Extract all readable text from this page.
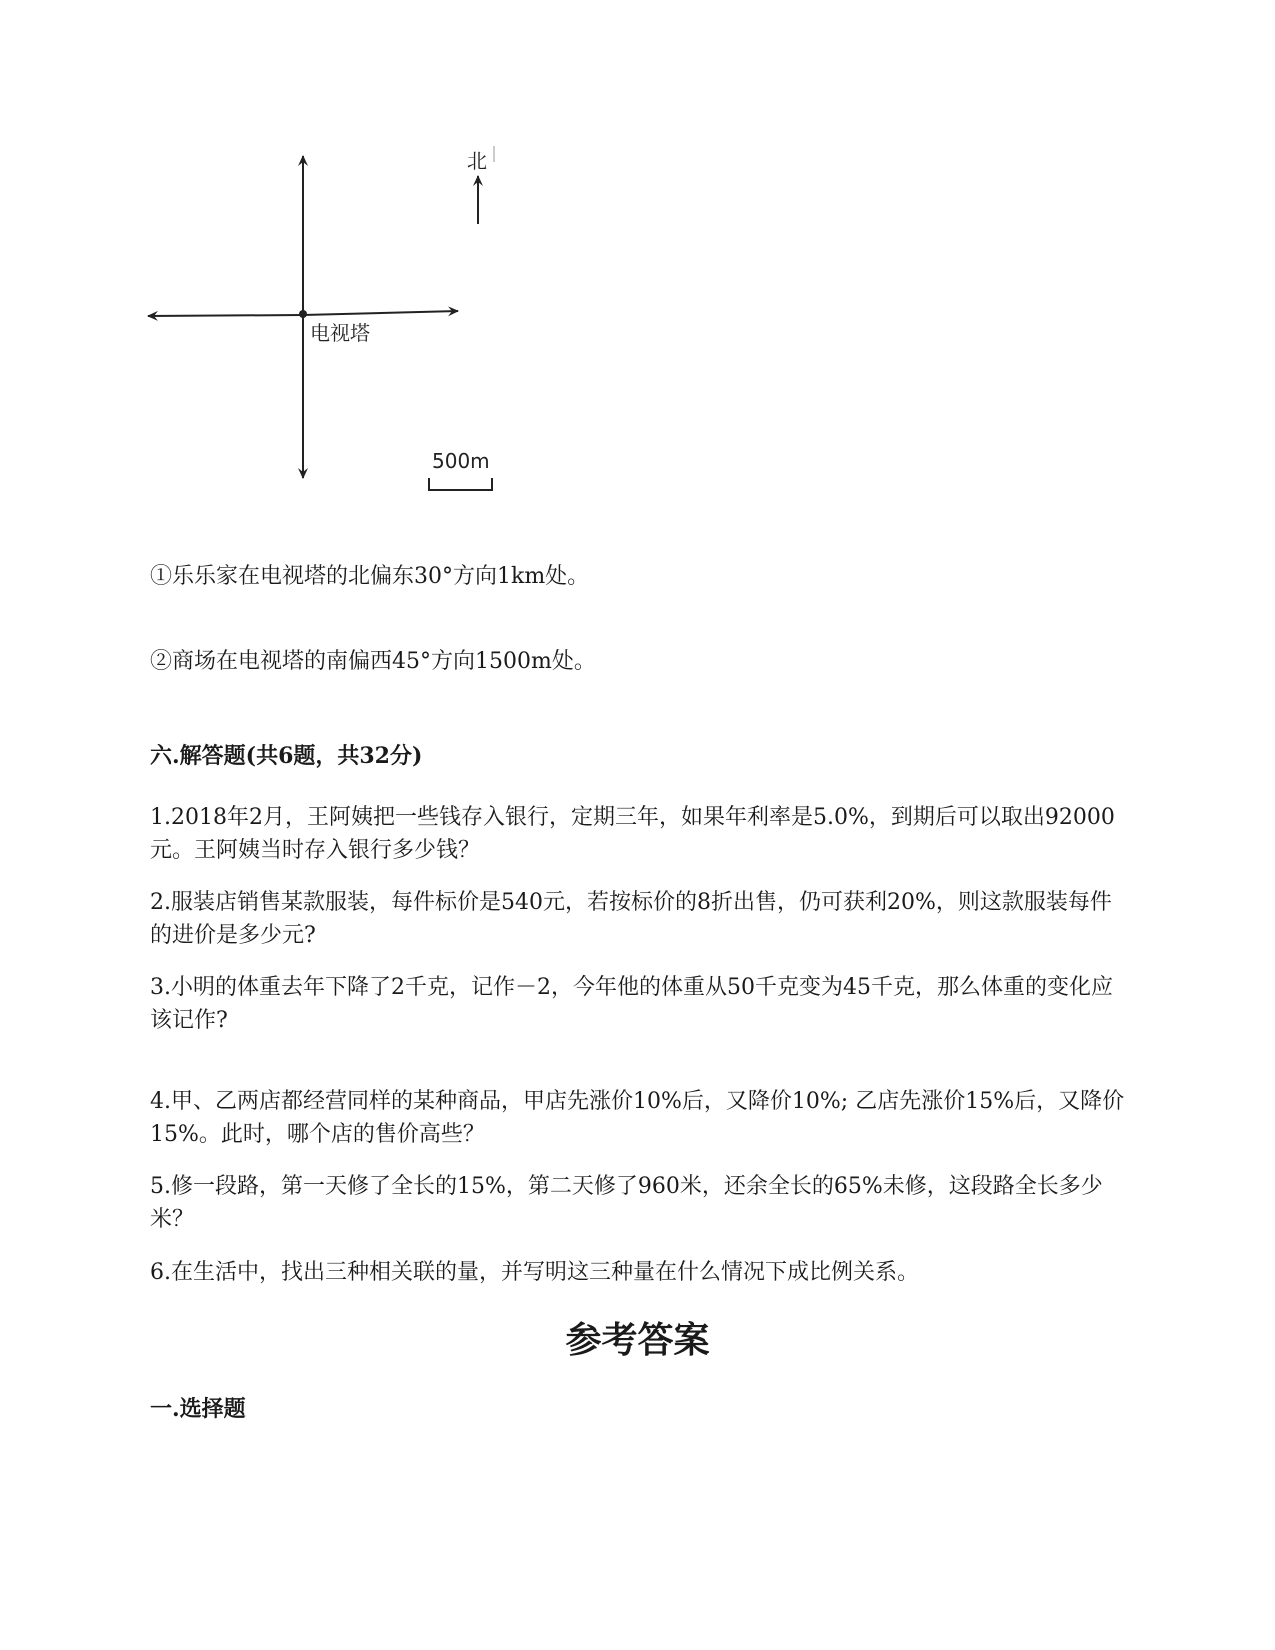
电视塔
北
500m
①乐乐家在电视塔的北偏东30°方向1km处。
②商场在电视塔的南偏西45°方向1500m处。
六.解答题(共6题，共32分)
1.2018年2月，王阿姨把一些钱存入银行，定期三年，如果年利率是5.0%，到期后可以取出92000元。王阿姨当时存入银行多少钱？
2.服装店销售某款服装，每件标价是540元，若按标价的8折出售，仍可获利20%，则这款服装每件的进价是多少元?
3.小明的体重去年下降了2千克，记作－2，今年他的体重从50千克变为45千克，那么体重的变化应该记作?
4.甲、乙两店都经营同样的某种商品，甲店先涨价10%后，又降价10%; 乙店先涨价15%后，又降价15%。此时，哪个店的售价高些？
5.修一段路，第一天修了全长的15%，第二天修了960米，还余全长的65%未修，这段路全长多少米？
6.在生活中，找出三种相关联的量，并写明这三种量在什么情况下成比例关系。
参考答案
一.选择题
